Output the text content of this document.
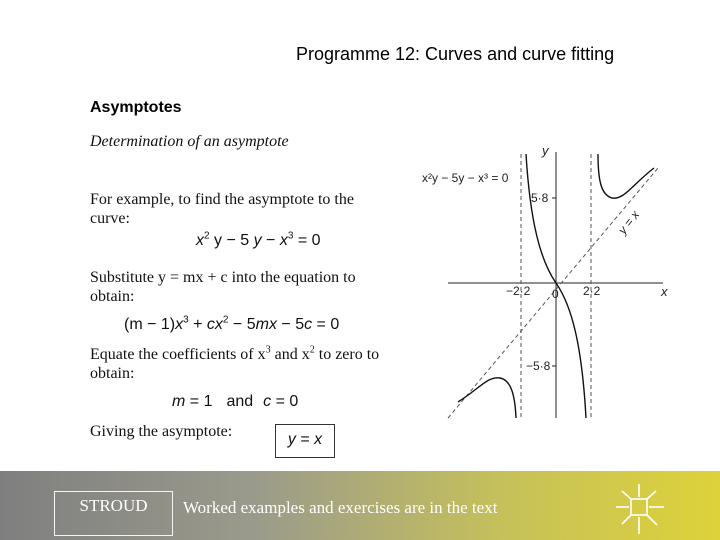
Programme 12: Curves and curve fitting
Asymptotes
Determination of an asymptote
For example, to find the asymptote to the curve:
$x^2$ y − 5 $y - x^3 = 0$
Substitute y = mx + c into the equation to obtain:
$(m - 1)x^3 + cx^2 - 5mx - 5c = 0$
Equate the coefficients of $x^3$ and $x^2$ to zero to obtain:
m = 1 and c = 0
Giving the asymptote:	y = x
x²y − 5y − x³ = 0
y
x
5·8
−5·8
−2·2	2·2
0
y = x
STROUD	Worked examples and exercises are in the text
